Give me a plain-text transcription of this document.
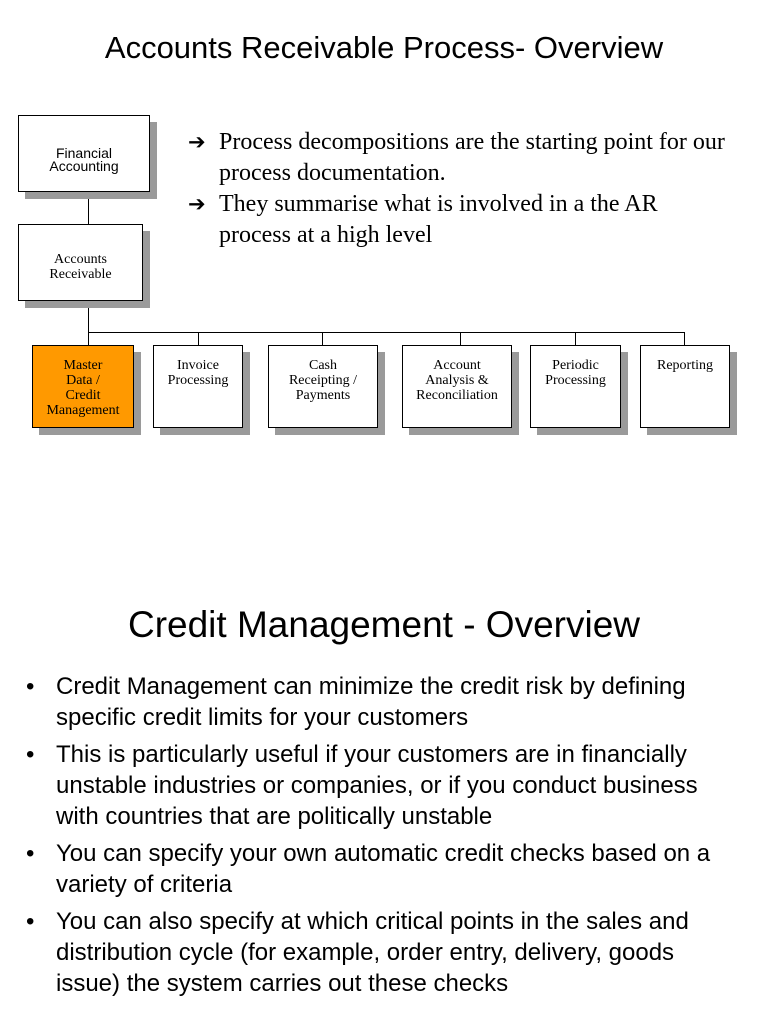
Accounts Receivable Process- Overview
Financial
Accounting
Accounts
Receivable
Master
Data /
Credit
Management
Invoice
Processing
Cash
Receipting /
Payments
Account
Analysis &
Reconciliation
Periodic
Processing
Reporting
➔ Process decompositions are the starting point for our process documentation.
➔ They summarise what is involved in a the AR process at a high level
Credit Management - Overview
• Credit Management can minimize the credit risk by defining specific credit limits for your customers
• This is particularly useful if your customers are in financially unstable industries or companies, or if you conduct business with countries that are politically unstable
• You can specify your own automatic credit checks based on a variety of criteria
• You can also specify at which critical points in the sales and distribution cycle (for example, order entry, delivery, goods issue) the system carries out these checks
